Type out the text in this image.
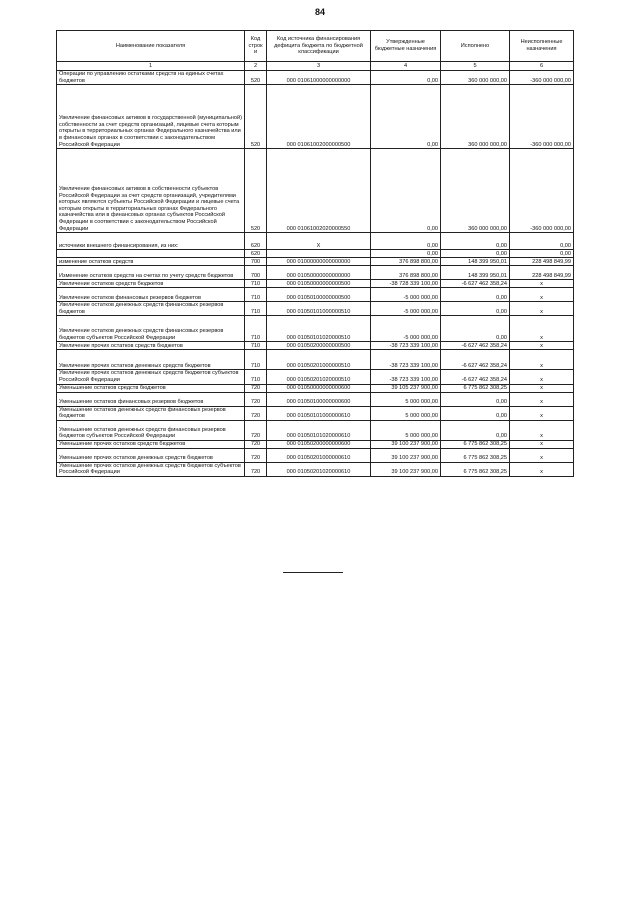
84
Наименование показателя	Код строк и	Код источника финансирования дефицита бюджета по бюджетной классификации	Утвержденные бюджетные назначения	Исполнено	Неисполненные назначения
1	2	3	4	5	6
Операции по управлению остатками средств на единых счетах бюджетов	520	000 01061000000000000	0,00	360 000 000,00	-360 000 000,00
Увеличение финансовых активов в государственной (муниципальной) собственности за счет средств организаций, лицевые счета которым открыты в территориальных органах Федерального казначейства или в финансовых органах в соответствии с законодательством Российской Федерации	520	000 01061002000000500	0,00	360 000 000,00	-360 000 000,00
Увеличение финансовых активов в собственности субъектов Российской Федерации за счет средств организаций, учредителями которых являются субъекты Российской Федерации и лицевые счета которым открыты в территориальных органах Федерального казначейства или в финансовых органах субъектов Российской Федерации в соответствии с законодательством Российской Федерации	520	000 01061002020000550	0,00	360 000 000,00	-360 000 000,00
источники внешнего финансирования, из них:	620	X	0,00	0,00	0,00
	620		0,00	0,00	0,00
изменение остатков средств	700	000 01000000000000000	376 898 800,00	148 399 950,01	228 498 849,99
Изменение остатков средств на счетах по учету средств бюджетов	700	000 01050000000000000	376 898 800,00	148 399 950,01	228 498 849,99
Увеличение остатков средств бюджетов	710	000 01050000000000500	-38 728 339 100,00	-6 627 462 358,24	x
Увеличение остатков финансовых резервов бюджетов	710	000 01050100000000500	-5 000 000,00	0,00	x
Увеличение остатков денежных средств финансовых резервов бюджетов	710	000 01050101000000510	-5 000 000,00	0,00	x
Увеличение остатков денежных средств финансовых резервов бюджетов субъектов Российской Федерации	710	000 01050101020000510	-5 000 000,00	0,00	x
Увеличение прочих остатков средств бюджетов	710	000 01050200000000500	-38 723 339 100,00	-6 627 462 358,24	x
Увеличение прочих остатков денежных средств бюджетов	710	000 01050201000000510	-38 723 339 100,00	-6 627 462 358,24	x
Увеличение прочих остатков денежных средств бюджетов субъектов Российской Федерации	710	000 01050201020000510	-38 723 339 100,00	-6 627 462 358,24	x
Уменьшение остатков средств бюджетов	720	000 01050000000000600	39 105 237 900,00	6 775 862 308,25	x
Уменьшение остатков финансовых резервов бюджетов	720	000 01050100000000600	5 000 000,00	0,00	x
Уменьшение остатков денежных средств финансовых резервов бюджетов	720	000 01050101000000610	5 000 000,00	0,00	x
Уменьшение остатков денежных средств финансовых резервов бюджетов субъектов Российской Федерации	720	000 01050101020000610	5 000 000,00	0,00	x
Уменьшение прочих остатков средств бюджетов	720	000 01050200000000600	39 100 237 900,00	6 775 862 308,25	x
Уменьшение прочих остатков денежных средств бюджетов	720	000 01050201000000610	39 100 237 900,00	6 775 862 308,25	x
Уменьшение прочих остатков денежных средств бюджетов субъектов Российской Федерации	720	000 01050201020000610	39 100 237 900,00	6 775 862 308,25	x
